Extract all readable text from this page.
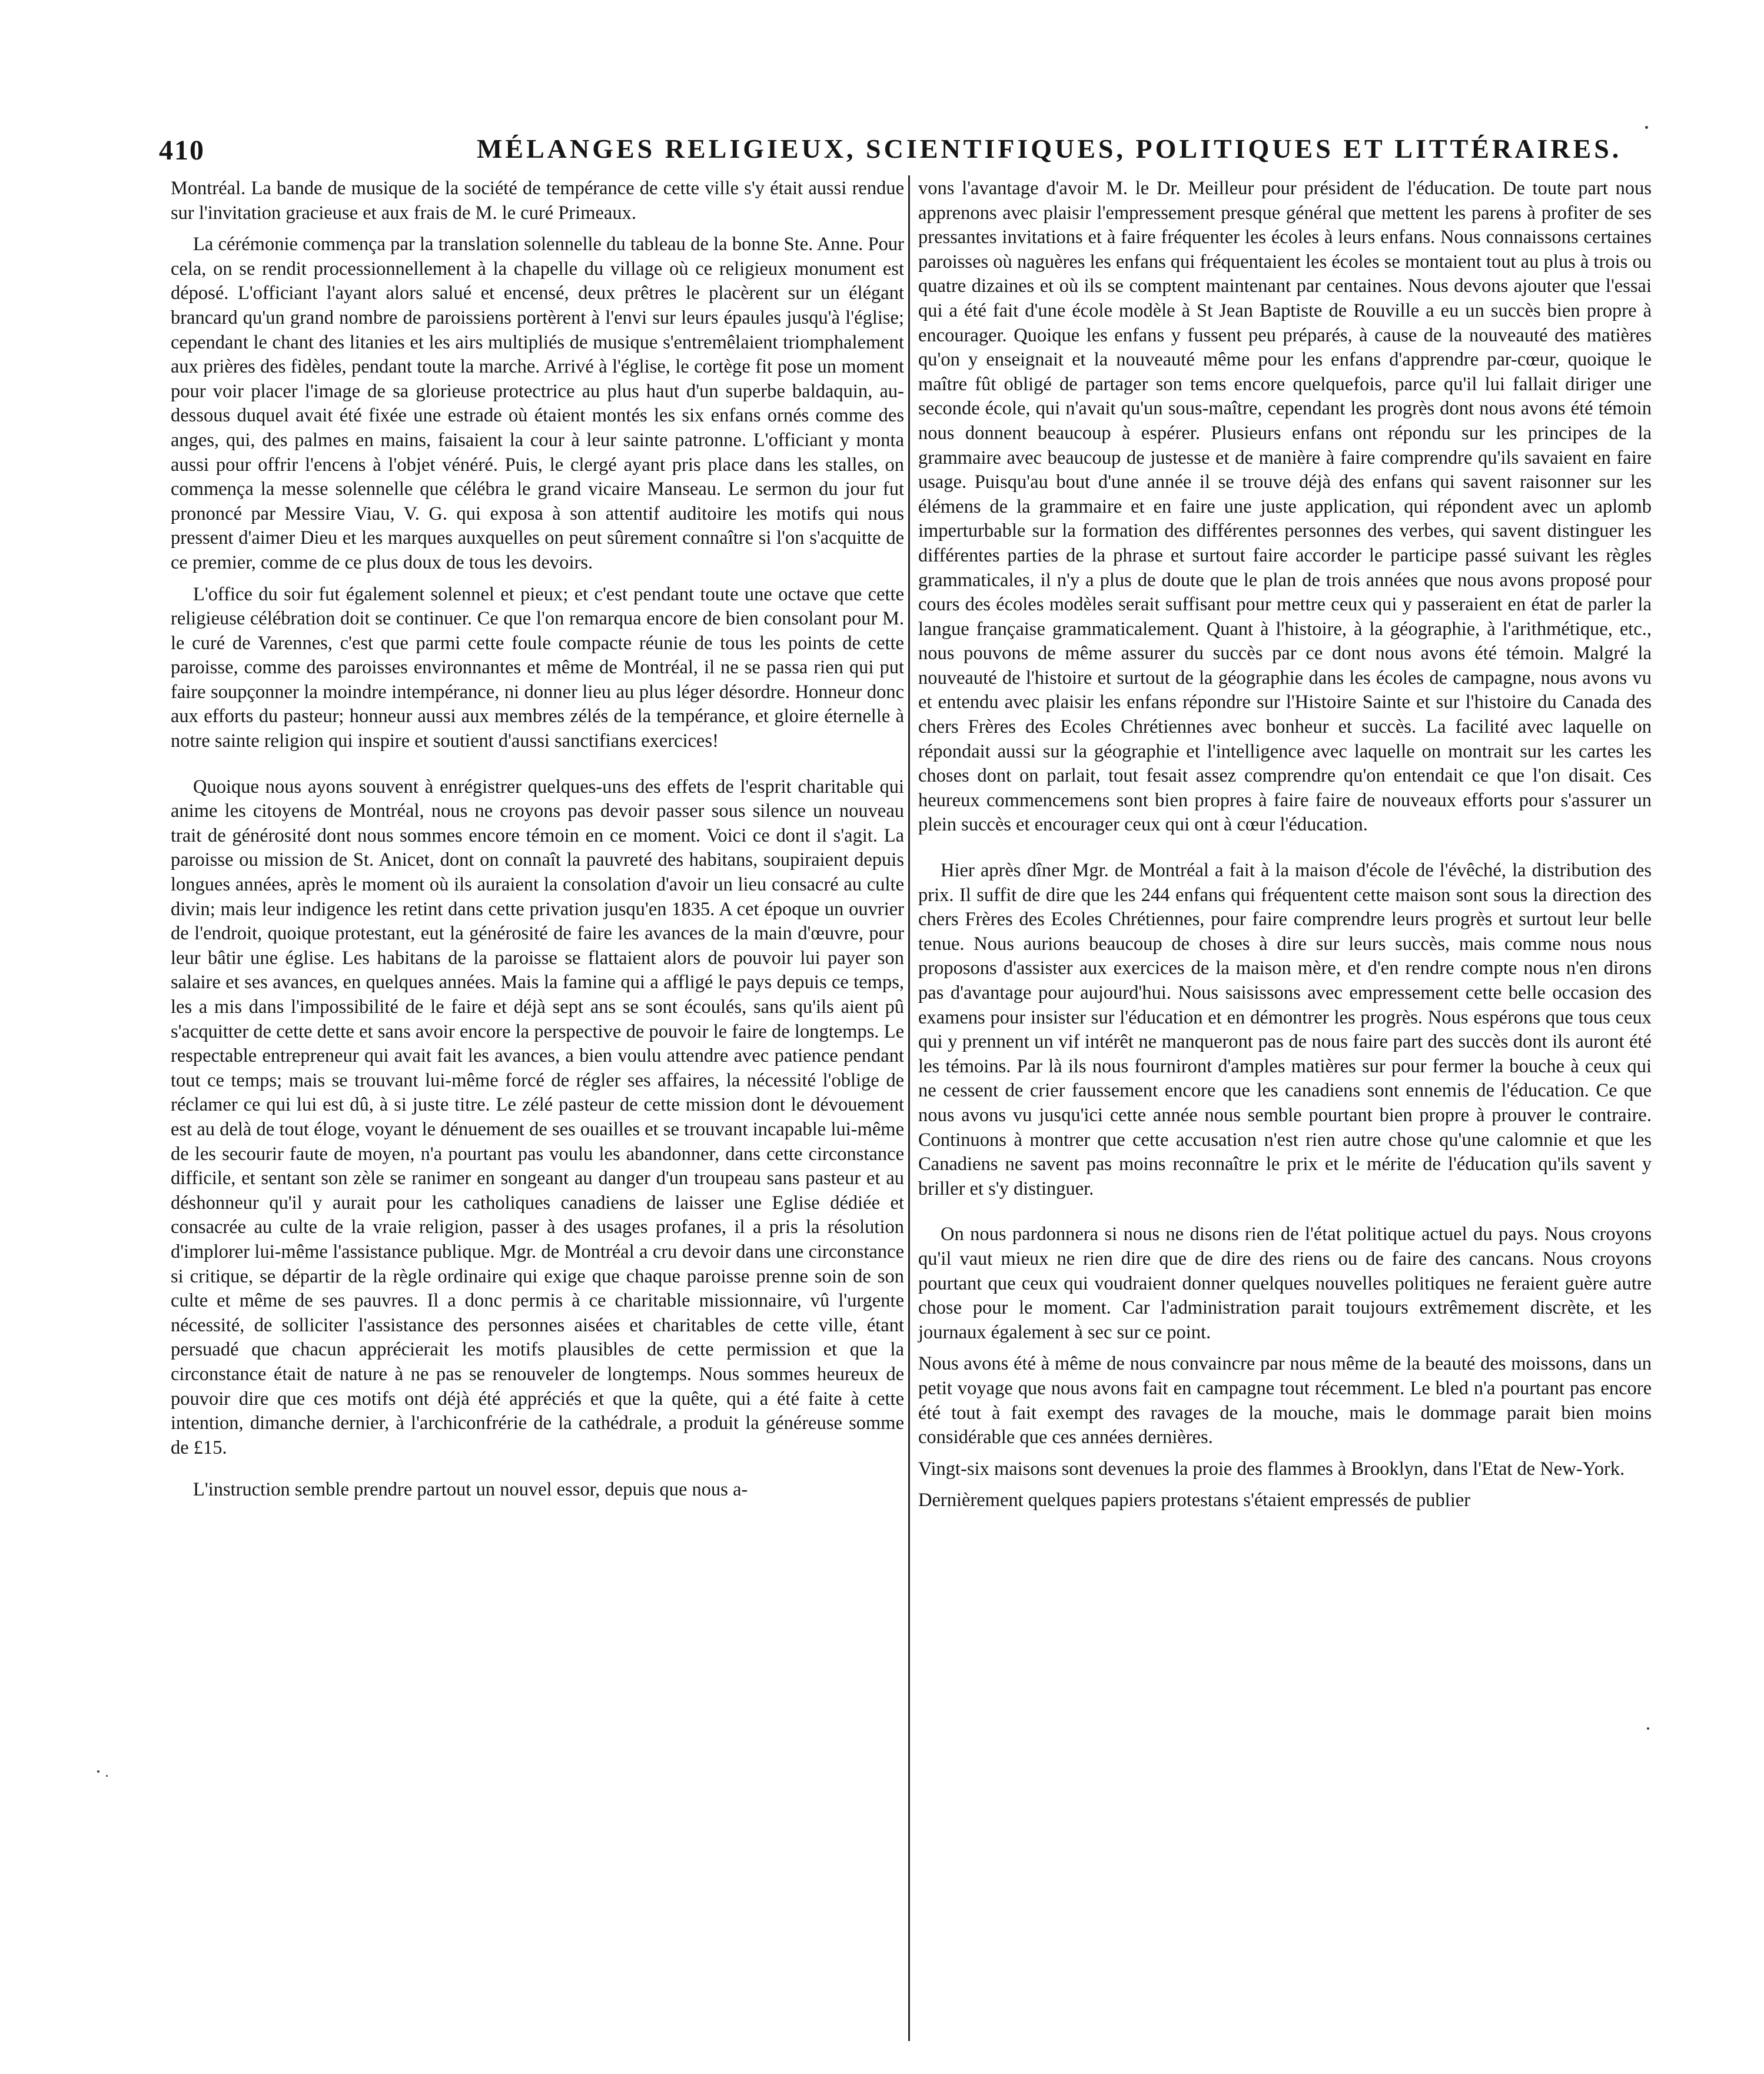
410	MÉLANGES RELIGIEUX, SCIENTIFIQUES, POLITIQUES ET LITTÉRAIRES.

Montréal. La bande de musique de la société de tempérance de cette ville s'y était aussi rendue sur l'invitation gracieuse et aux frais de M. le curé Primeaux.

La cérémonie commença par la translation solennelle du tableau de la bonne Ste. Anne. Pour cela, on se rendit processionnellement à la chapelle du village où ce religieux monument est déposé. L'officiant l'ayant alors salué et encensé, deux prêtres le placèrent sur un élégant brancard qu'un grand nombre de paroissiens portèrent à l'envi sur leurs épaules jusqu'à l'église; cependant le chant des litanies et les airs multipliés de musique s'entremêlaient triomphalement aux prières des fidèles, pendant toute la marche. Arrivé à l'église, le cortège fit pose un moment pour voir placer l'image de sa glorieuse protectrice au plus haut d'un superbe baldaquin, au-dessous duquel avait été fixée une estrade où étaient montés les six enfans ornés comme des anges, qui, des palmes en mains, faisaient la cour à leur sainte patronne. L'officiant y monta aussi pour offrir l'encens à l'objet vénéré. Puis, le clergé ayant pris place dans les stalles, on commença la messe solennelle que célébra le grand vicaire Manseau. Le sermon du jour fut prononcé par Messire Viau, V. G. qui exposa à son attentif auditoire les motifs qui nous pressent d'aimer Dieu et les marques auxquelles on peut sûrement connaître si l'on s'acquitte de ce premier, comme de ce plus doux de tous les devoirs.

L'office du soir fut également solennel et pieux; et c'est pendant toute une octave que cette religieuse célébration doit se continuer. Ce que l'on remarqua encore de bien consolant pour M. le curé de Varennes, c'est que parmi cette foule compacte réunie de tous les points de cette paroisse, comme des paroisses environnantes et même de Montréal, il ne se passa rien qui put faire soupçonner la moindre intempérance, ni donner lieu au plus léger désordre. Honneur donc aux efforts du pasteur; honneur aussi aux membres zélés de la tempérance, et gloire éternelle à notre sainte religion qui inspire et soutient d'aussi sanctifians exercices!

Quoique nous ayons souvent à enrégistrer quelques-uns des effets de l'esprit charitable qui anime les citoyens de Montréal, nous ne croyons pas devoir passer sous silence un nouveau trait de générosité dont nous sommes encore témoin en ce moment. Voici ce dont il s'agit. La paroisse ou mission de St. Anicet, dont on connaît la pauvreté des habitans, soupiraient depuis longues années, après le moment où ils auraient la consolation d'avoir un lieu consacré au culte divin; mais leur indigence les retint dans cette privation jusqu'en 1835. A cet époque un ouvrier de l'endroit, quoique protestant, eut la générosité de faire les avances de la main d'œuvre, pour leur bâtir une église. Les habitans de la paroisse se flattaient alors de pouvoir lui payer son salaire et ses avances, en quelques années. Mais la famine qui a affligé le pays depuis ce temps, les a mis dans l'impossibilité de le faire et déjà sept ans se sont écoulés, sans qu'ils aient pû s'acquitter de cette dette et sans avoir encore la perspective de pouvoir le faire de longtemps. Le respectable entrepreneur qui avait fait les avances, a bien voulu attendre avec patience pendant tout ce temps; mais se trouvant lui-même forcé de régler ses affaires, la nécessité l'oblige de réclamer ce qui lui est dû, à si juste titre. Le zélé pasteur de cette mission dont le dévouement est au delà de tout éloge, voyant le dénuement de ses ouailles et se trouvant incapable lui-même de les secourir faute de moyen, n'a pourtant pas voulu les abandonner, dans cette circonstance difficile, et sentant son zèle se ranimer en songeant au danger d'un troupeau sans pasteur et au déshonneur qu'il y aurait pour les catholiques canadiens de laisser une Eglise dédiée et consacrée au culte de la vraie religion, passer à des usages profanes, il a pris la résolution d'implorer lui-même l'assistance publique. Mgr. de Montréal a cru devoir dans une circonstance si critique, se départir de la règle ordinaire qui exige que chaque paroisse prenne soin de son culte et même de ses pauvres. Il a donc permis à ce charitable missionnaire, vû l'urgente nécessité, de solliciter l'assistance des personnes aisées et charitables de cette ville, étant persuadé que chacun apprécierait les motifs plausibles de cette permission et que la circonstance était de nature à ne pas se renouveler de longtemps. Nous sommes heureux de pouvoir dire que ces motifs ont déjà été appréciés et que la quête, qui a été faite à cette intention, dimanche dernier, à l'archiconfrérie de la cathédrale, a produit la généreuse somme de £15.

L'instruction semble prendre partout un nouvel essor, depuis que nous a-

vons l'avantage d'avoir M. le Dr. Meilleur pour président de l'éducation. De toute part nous apprenons avec plaisir l'empressement presque général que mettent les parens à profiter de ses pressantes invitations et à faire fréquenter les écoles à leurs enfans. Nous connaissons certaines paroisses où naguères les enfans qui fréquentaient les écoles se montaient tout au plus à trois ou quatre dizaines et où ils se comptent maintenant par centaines. Nous devons ajouter que l'essai qui a été fait d'une école modèle à St Jean Baptiste de Rouville a eu un succès bien propre à encourager. Quoique les enfans y fussent peu préparés, à cause de la nouveauté des matières qu'on y enseignait et la nouveauté même pour les enfans d'apprendre par-cœur, quoique le maître fût obligé de partager son tems encore quelquefois, parce qu'il lui fallait diriger une seconde école, qui n'avait qu'un sous-maître, cependant les progrès dont nous avons été témoin nous donnent beaucoup à espérer. Plusieurs enfans ont répondu sur les principes de la grammaire avec beaucoup de justesse et de manière à faire comprendre qu'ils savaient en faire usage. Puisqu'au bout d'une année il se trouve déjà des enfans qui savent raisonner sur les élémens de la grammaire et en faire une juste application, qui répondent avec un aplomb imperturbable sur la formation des différentes personnes des verbes, qui savent distinguer les différentes parties de la phrase et surtout faire accorder le participe passé suivant les règles grammaticales, il n'y a plus de doute que le plan de trois années que nous avons proposé pour cours des écoles modèles serait suffisant pour mettre ceux qui y passeraient en état de parler la langue française grammaticalement. Quant à l'histoire, à la géographie, à l'arithmétique, etc., nous pouvons de même assurer du succès par ce dont nous avons été témoin. Malgré la nouveauté de l'histoire et surtout de la géographie dans les écoles de campagne, nous avons vu et entendu avec plaisir les enfans répondre sur l'Histoire Sainte et sur l'histoire du Canada des chers Frères des Ecoles Chrétiennes avec bonheur et succès. La facilité avec laquelle on répondait aussi sur la géographie et l'intelligence avec laquelle on montrait sur les cartes les choses dont on parlait, tout fesait assez comprendre qu'on entendait ce que l'on disait. Ces heureux commencemens sont bien propres à faire faire de nouveaux efforts pour s'assurer un plein succès et encourager ceux qui ont à cœur l'éducation.

Hier après dîner Mgr. de Montréal a fait à la maison d'école de l'évêché, la distribution des prix. Il suffit de dire que les 244 enfans qui fréquentent cette maison sont sous la direction des chers Frères des Ecoles Chrétiennes, pour faire comprendre leurs progrès et surtout leur belle tenue. Nous aurions beaucoup de choses à dire sur leurs succès, mais comme nous nous proposons d'assister aux exercices de la maison mère, et d'en rendre compte nous n'en dirons pas d'avantage pour aujourd'hui. Nous saisissons avec empressement cette belle occasion des examens pour insister sur l'éducation et en démontrer les progrès. Nous espérons que tous ceux qui y prennent un vif intérêt ne manqueront pas de nous faire part des succès dont ils auront été les témoins. Par là ils nous fourniront d'amples matières sur pour fermer la bouche à ceux qui ne cessent de crier faussement encore que les canadiens sont ennemis de l'éducation. Ce que nous avons vu jusqu'ici cette année nous semble pourtant bien propre à prouver le contraire. Continuons à montrer que cette accusation n'est rien autre chose qu'une calomnie et que les Canadiens ne savent pas moins reconnaître le prix et le mérite de l'éducation qu'ils savent y briller et s'y distinguer.

On nous pardonnera si nous ne disons rien de l'état politique actuel du pays. Nous croyons qu'il vaut mieux ne rien dire que de dire des riens ou de faire des cancans. Nous croyons pourtant que ceux qui voudraient donner quelques nouvelles politiques ne feraient guère autre chose pour le moment. Car l'administration parait toujours extrêmement discrète, et les journaux également à sec sur ce point.

Nous avons été à même de nous convaincre par nous même de la beauté des moissons, dans un petit voyage que nous avons fait en campagne tout récemment. Le bled n'a pourtant pas encore été tout à fait exempt des ravages de la mouche, mais le dommage parait bien moins considérable que ces années dernières.

Vingt-six maisons sont devenues la proie des flammes à Brooklyn, dans l'Etat de New-York.

Dernièrement quelques papiers protestans s'étaient empressés de publier
